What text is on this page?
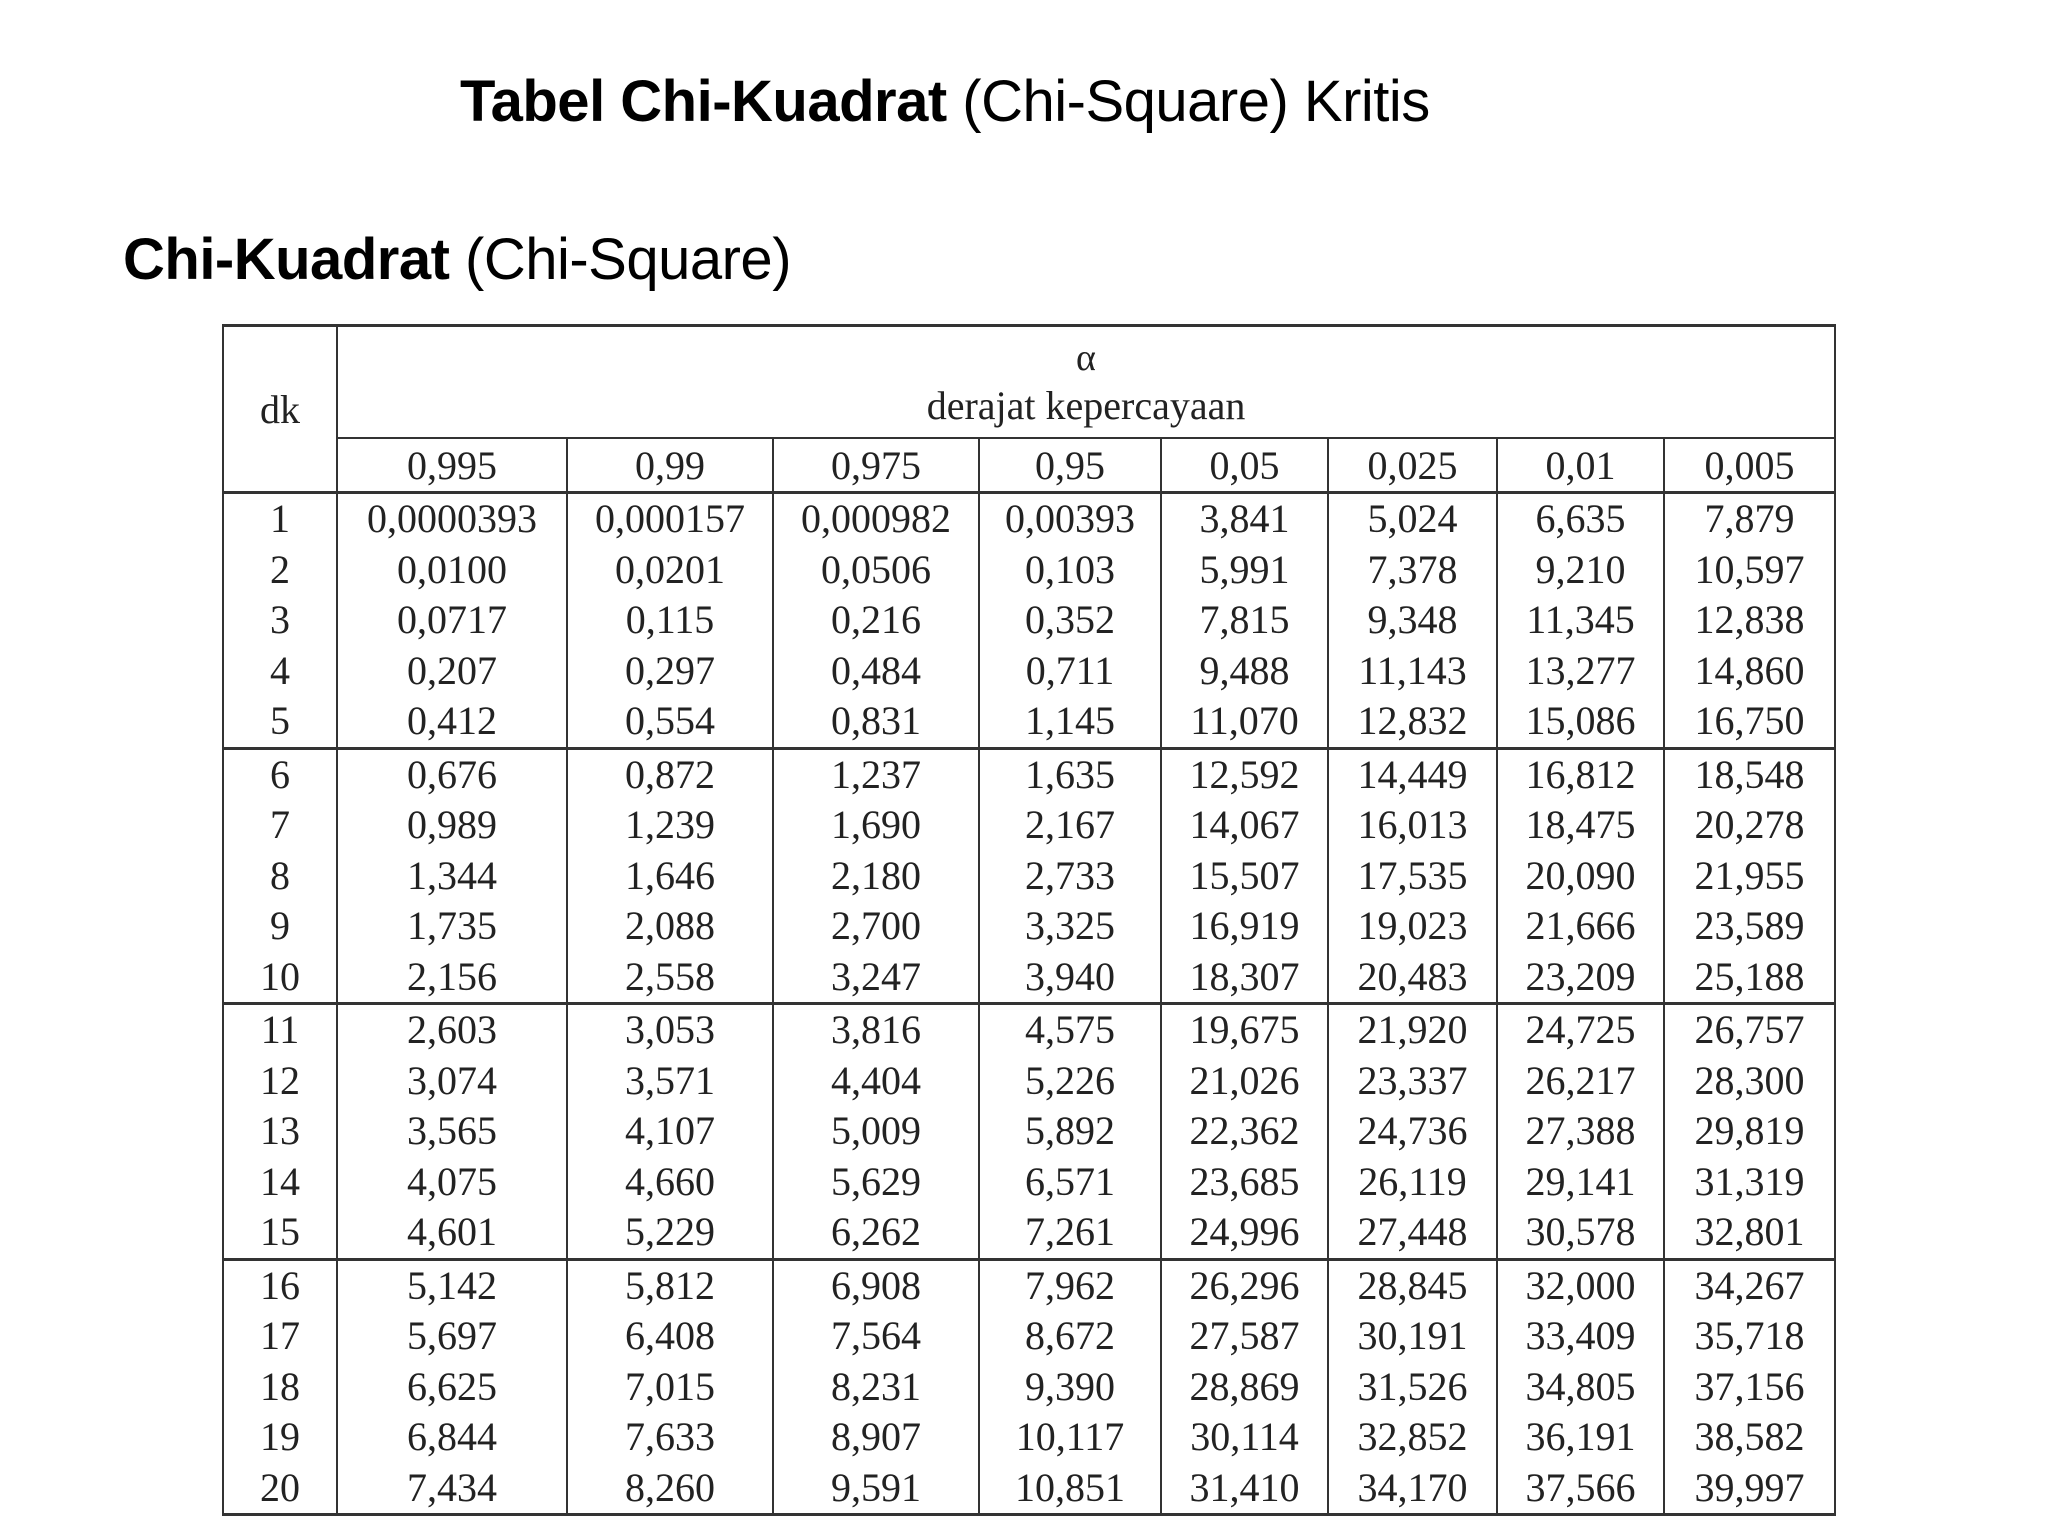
Tabel Chi-Kuadrat (Chi-Square) Kritis
Chi-Kuadrat (Chi-Square)
dk	α
derajat kepercayaan							

	0,995	0,99	0,975	0,95	0,05	0,025	0,01	0,005
1	0,0000393	0,000157	0,000982	0,00393	3,841	5,024	6,635	7,879
2	0,0100	0,0201	0,0506	0,103	5,991	7,378	9,210	10,597
3	0,0717	0,115	0,216	0,352	7,815	9,348	11,345	12,838
4	0,207	0,297	0,484	0,711	9,488	11,143	13,277	14,860
5	0,412	0,554	0,831	1,145	11,070	12,832	15,086	16,750
6	0,676	0,872	1,237	1,635	12,592	14,449	16,812	18,548
7	0,989	1,239	1,690	2,167	14,067	16,013	18,475	20,278
8	1,344	1,646	2,180	2,733	15,507	17,535	20,090	21,955
9	1,735	2,088	2,700	3,325	16,919	19,023	21,666	23,589
10	2,156	2,558	3,247	3,940	18,307	20,483	23,209	25,188
11	2,603	3,053	3,816	4,575	19,675	21,920	24,725	26,757
12	3,074	3,571	4,404	5,226	21,026	23,337	26,217	28,300
13	3,565	4,107	5,009	5,892	22,362	24,736	27,388	29,819
14	4,075	4,660	5,629	6,571	23,685	26,119	29,141	31,319
15	4,601	5,229	6,262	7,261	24,996	27,448	30,578	32,801
16	5,142	5,812	6,908	7,962	26,296	28,845	32,000	34,267
17	5,697	6,408	7,564	8,672	27,587	30,191	33,409	35,718
18	6,625	7,015	8,231	9,390	28,869	31,526	34,805	37,156
19	6,844	7,633	8,907	10,117	30,114	32,852	36,191	38,582
20	7,434	8,260	9,591	10,851	31,410	34,170	37,566	39,997
